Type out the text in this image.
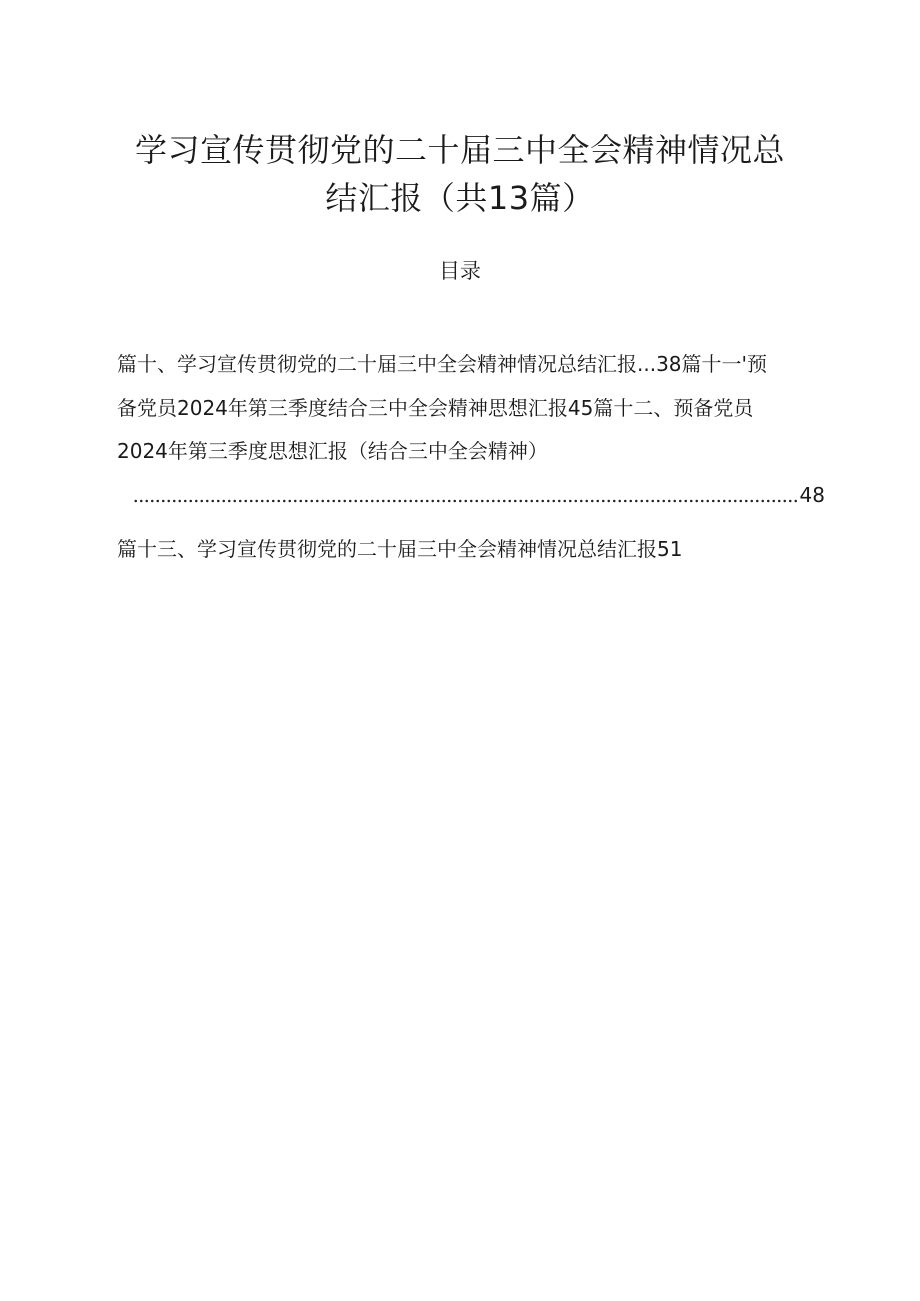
学习宣传贯彻党的二十届三中全会精神情况总
结汇报（共13篇）
目录
篇十、学习宣传贯彻党的二十届三中全会精神情况总结汇报...38篇十一'预
备党员2024年第三季度结合三中全会精神思想汇报45篇十二、预备党员
2024年第三季度思想汇报（结合三中全会精神）
48
篇十三、学习宣传贯彻党的二十届三中全会精神情况总结汇报51
